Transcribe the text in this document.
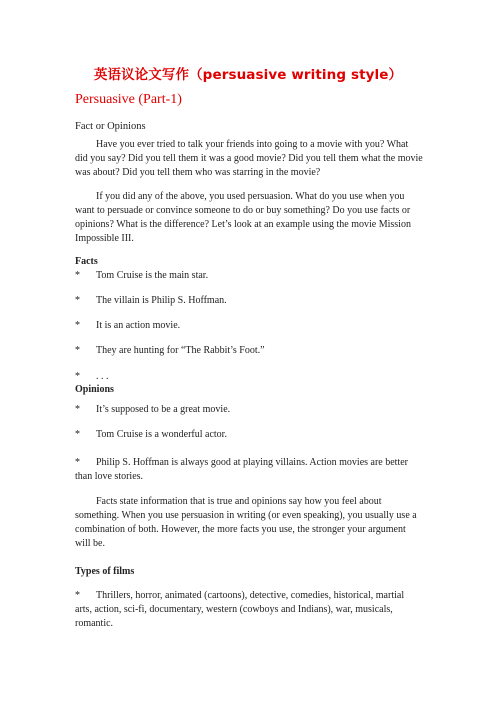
英语议论文写作（persuasive writing style）
Persuasive (Part-1)
Fact or Opinions

Have you ever tried to talk your friends into going to a movie with you? What did you say? Did you tell them it was a good movie? Did you tell them what the movie was about? Did you tell them who was starring in the movie?

If you did any of the above, you used persuasion. What do you use when you want to persuade or convince someone to do or buy something? Do you use facts or opinions? What is the difference? Let’s look at an example using the movie Mission Impossible III.

Facts

* Tom Cruise is the main star.

* The villain is Philip S. Hoffman.

* It is an action movie.

* They are hunting for “The Rabbit’s Foot.”

* . . .

Opinions

* It’s supposed to be a great movie.

* Tom Cruise is a wonderful actor.

* Philip S. Hoffman is always good at playing villains. Action movies are better than love stories.

Facts state information that is true and opinions say how you feel about something. When you use persuasion in writing (or even speaking), you usually use a combination of both. However, the more facts you use, the stronger your argument will be.

Types of films

* Thrillers, horror, animated (cartoons), detective, comedies, historical, martial arts, action, sci-fi, documentary, western (cowboys and Indians), war, musicals, romantic.
